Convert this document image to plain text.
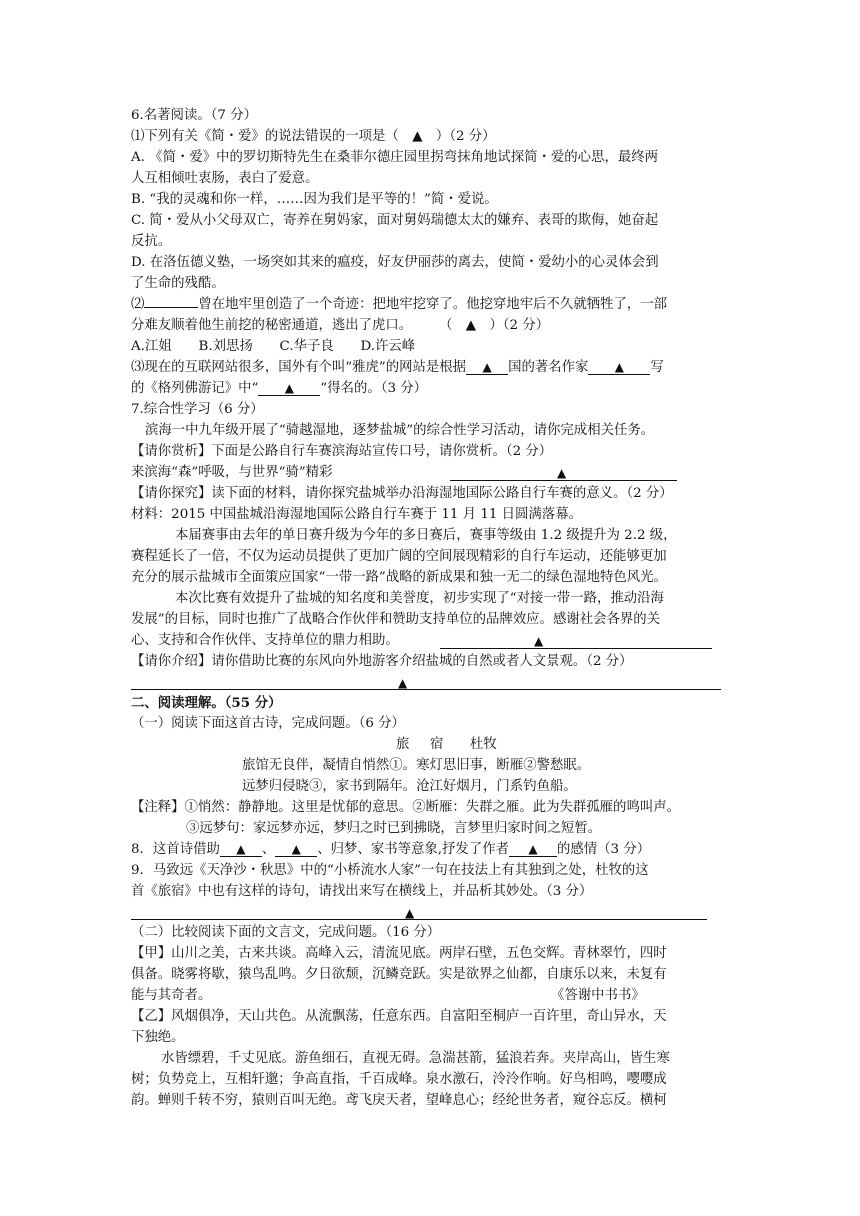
6.名著阅读。（7 分）
⑴下列有关《简・爱》的说法错误的一项是（　▲　）（2 分）
A. 《简・爱》中的罗切斯特先生在桑菲尔德庄园里拐弯抹角地试探简・爱的心思，最终两
人互相倾吐衷肠，表白了爱意。
B. “我的灵魂和你一样，……因为我们是平等的！”简・爱说。
C. 简・爱从小父母双亡，寄养在舅妈家，面对舅妈瑞德太太的嫌弃、表哥的欺侮，她奋起
反抗。
D. 在洛伍德义塾，一场突如其来的瘟疫，好友伊丽莎的离去，使简・爱幼小的心灵体会到
了生命的残酷。
⑵	曾在地牢里创造了一个奇迹：把地牢挖穿了。他挖穿地牢后不久就牺牲了，一部
分难友顺着他生前挖的秘密通道，逃出了虎口。　　　（　▲　）（2 分）
A.江姐　　B.刘思扬　　C.华子良　　D.许云峰
⑶现在的互联网站很多，国外有个叫“雅虎”的网站是根据 ▲ 国的著名作家 ▲ 写
的《格列佛游记》中“ ▲ ”得名的。（3 分）
7.综合性学习（6 分）
滨海一中九年级开展了“骑越湿地，逐梦盐城”的综合性学习活动，请你完成相关任务。
【请你赏析】下面是公路自行车赛滨海站宣传口号，请你赏析。（2 分）
来滨海“森”呼吸，与世界“骑”精彩	▲
【请你探究】读下面的材料，请你探究盐城举办沿海湿地国际公路自行车赛的意义。（2 分）
材料：2015 中国盐城沿海湿地国际公路自行车赛于 11 月 11 日圆满落幕。
本届赛事由去年的单日赛升级为今年的多日赛后，赛事等级由 1.2 级提升为 2.2 级，
赛程延长了一倍，不仅为运动员提供了更加广阔的空间展现精彩的自行车运动，还能够更加
充分的展示盐城市全面策应国家“一带一路”战略的新成果和独一无二的绿色湿地特色风光。
本次比赛有效提升了盐城的知名度和美誉度，初步实现了“对接一带一路，推动沿海
发展”的目标，同时也推广了战略合作伙伴和赞助支持单位的品牌效应。感谢社会各界的关
心、支持和合作伙伴、支持单位的鼎力相助。	▲
【请你介绍】请你借助比赛的东风向外地游客介绍盐城的自然或者人文景观。（2 分）
▲
二、阅读理解。（55 分）
（一）阅读下面这首古诗，完成问题。（6 分）
旅　 宿 杜牧
旅馆无良伴，凝情自悄然①。寒灯思旧事，断雁②警愁眠。
远梦归侵晓③，家书到隔年。沧江好烟月，门系钓鱼船。
【注释】①悄然：静静地。这里是忧郁的意思。②断雁：失群之雁。此为失群孤雁的鸣叫声。
③远梦句：家远梦亦远，梦归之时已到拂晓，言梦里归家时间之短暂。
8．这首诗借助 ▲ 、 ▲ 、归梦、家书等意象,抒发了作者 ▲ 的感情（3 分）
9．马致远《天净沙・秋思》中的“小桥流水人家”一句在技法上有其独到之处，杜牧的这
首《旅宿》中也有这样的诗句，请找出来写在横线上，并品析其妙处。（3 分）
▲
（二）比较阅读下面的文言文，完成问题。（16 分）
【甲】山川之美，古来共谈。高峰入云，清流见底。两岸石壁，五色交辉。青林翠竹，四时
俱备。晓雾将歇，猿鸟乱鸣。夕日欲颓，沉鳞竞跃。实是欲界之仙都，自康乐以来，未复有
能与其奇者。	《答谢中书书》
【乙】风烟俱净，天山共色。从流飘荡，任意东西。自富阳至桐庐一百许里，奇山异水，天
下独绝。
水皆缥碧，千丈见底。游鱼细石，直视无碍。急湍甚箭，猛浪若奔。夹岸高山，皆生寒
树；负势竞上，互相轩邈；争高直指，千百成峰。泉水激石，泠泠作响。好鸟相鸣，嘤嘤成
韵。蝉则千转不穷，猿则百叫无绝。鸢飞戾天者，望峰息心；经纶世务者，窥谷忘反。横柯
